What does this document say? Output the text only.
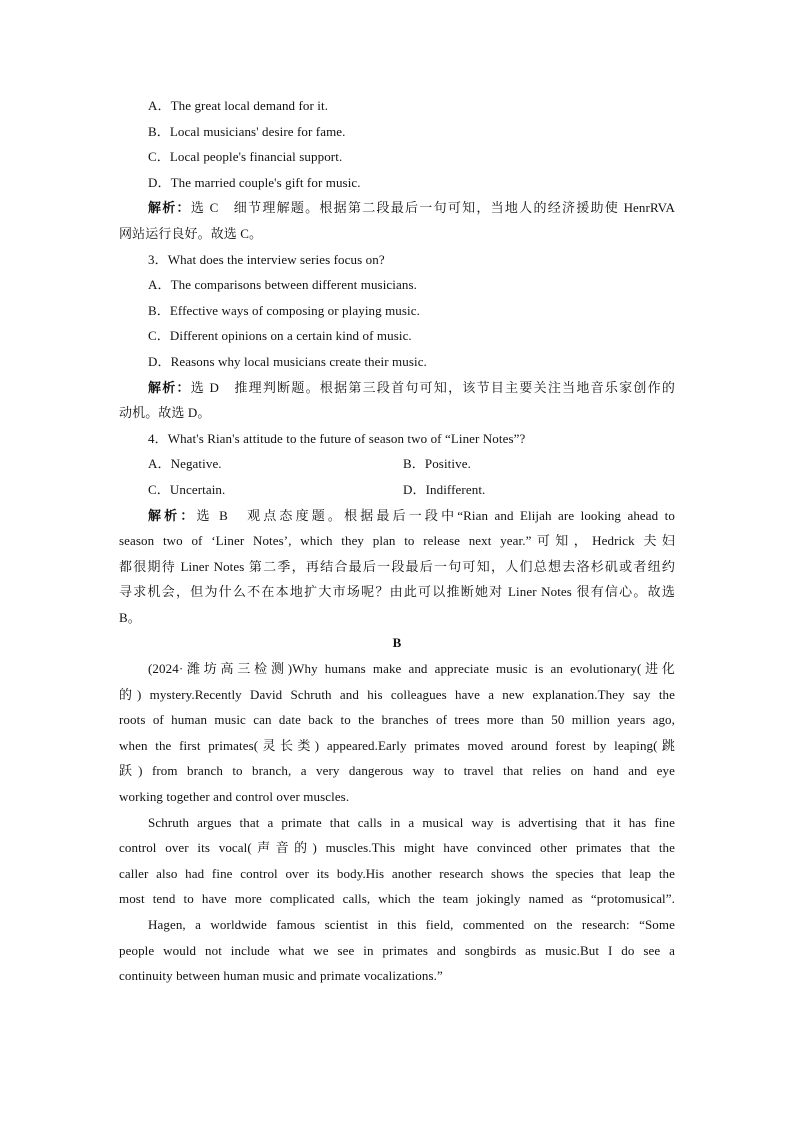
A．The great local demand for it.
B．Local musicians' desire for fame.
C．Local people's financial support.
D．The married couple's gift for music.
解析：选 C　细节理解题。根据第二段最后一句可知，当地人的经济援助使 HenrRVA
网站运行良好。故选 C。
3．What does the interview series focus on?
A．The comparisons between different musicians.
B．Effective ways of composing or playing music.
C．Different opinions on a certain kind of music.
D．Reasons why local musicians create their music.
解析：选 D　推理判断题。根据第三段首句可知，该节目主要关注当地音乐家创作的
动机。故选 D。
4．What's Rian's attitude to the future of season two of “Liner Notes”?
A．Negative.	B．Positive.
C．Uncertain.	D．Indifferent.
解析：选 B　观点态度题。根据最后一段中“Rian and Elijah are looking ahead to
season two of ‘Liner Notes’, which they plan to release next year.”可知，Hedrick 夫妇
都很期待 Liner Notes 第二季，再结合最后一段最后一句可知，人们总想去洛杉矶或者纽约
寻求机会，但为什么不在本地扩大市场呢？由此可以推断她对 Liner Notes 很有信心。故选
B。
B
(2024·潍坊高三检测)Why humans make and appreciate music is an evolutionary(进化
的) mystery.Recently David Schruth and his colleagues have a new explanation.They say the
roots of human music can date back to the branches of trees more than 50 million years ago,
when the first primates(灵长类) appeared.Early primates moved around forest by leaping(跳
跃) from branch to branch, a very dangerous way to travel that relies on hand and eye
working together and control over muscles.
Schruth argues that a primate that calls in a musical way is advertising that it has fine
control over its vocal(声音的) muscles.This might have convinced other primates that the
caller also had fine control over its body.His another research shows the species that leap the
most tend to have more complicated calls, which the team jokingly named as “protomusical”.
Hagen, a worldwide famous scientist in this field, commented on the research: “Some
people would not include what we see in primates and songbirds as music.But I do see a
continuity between human music and primate vocalizations.”
